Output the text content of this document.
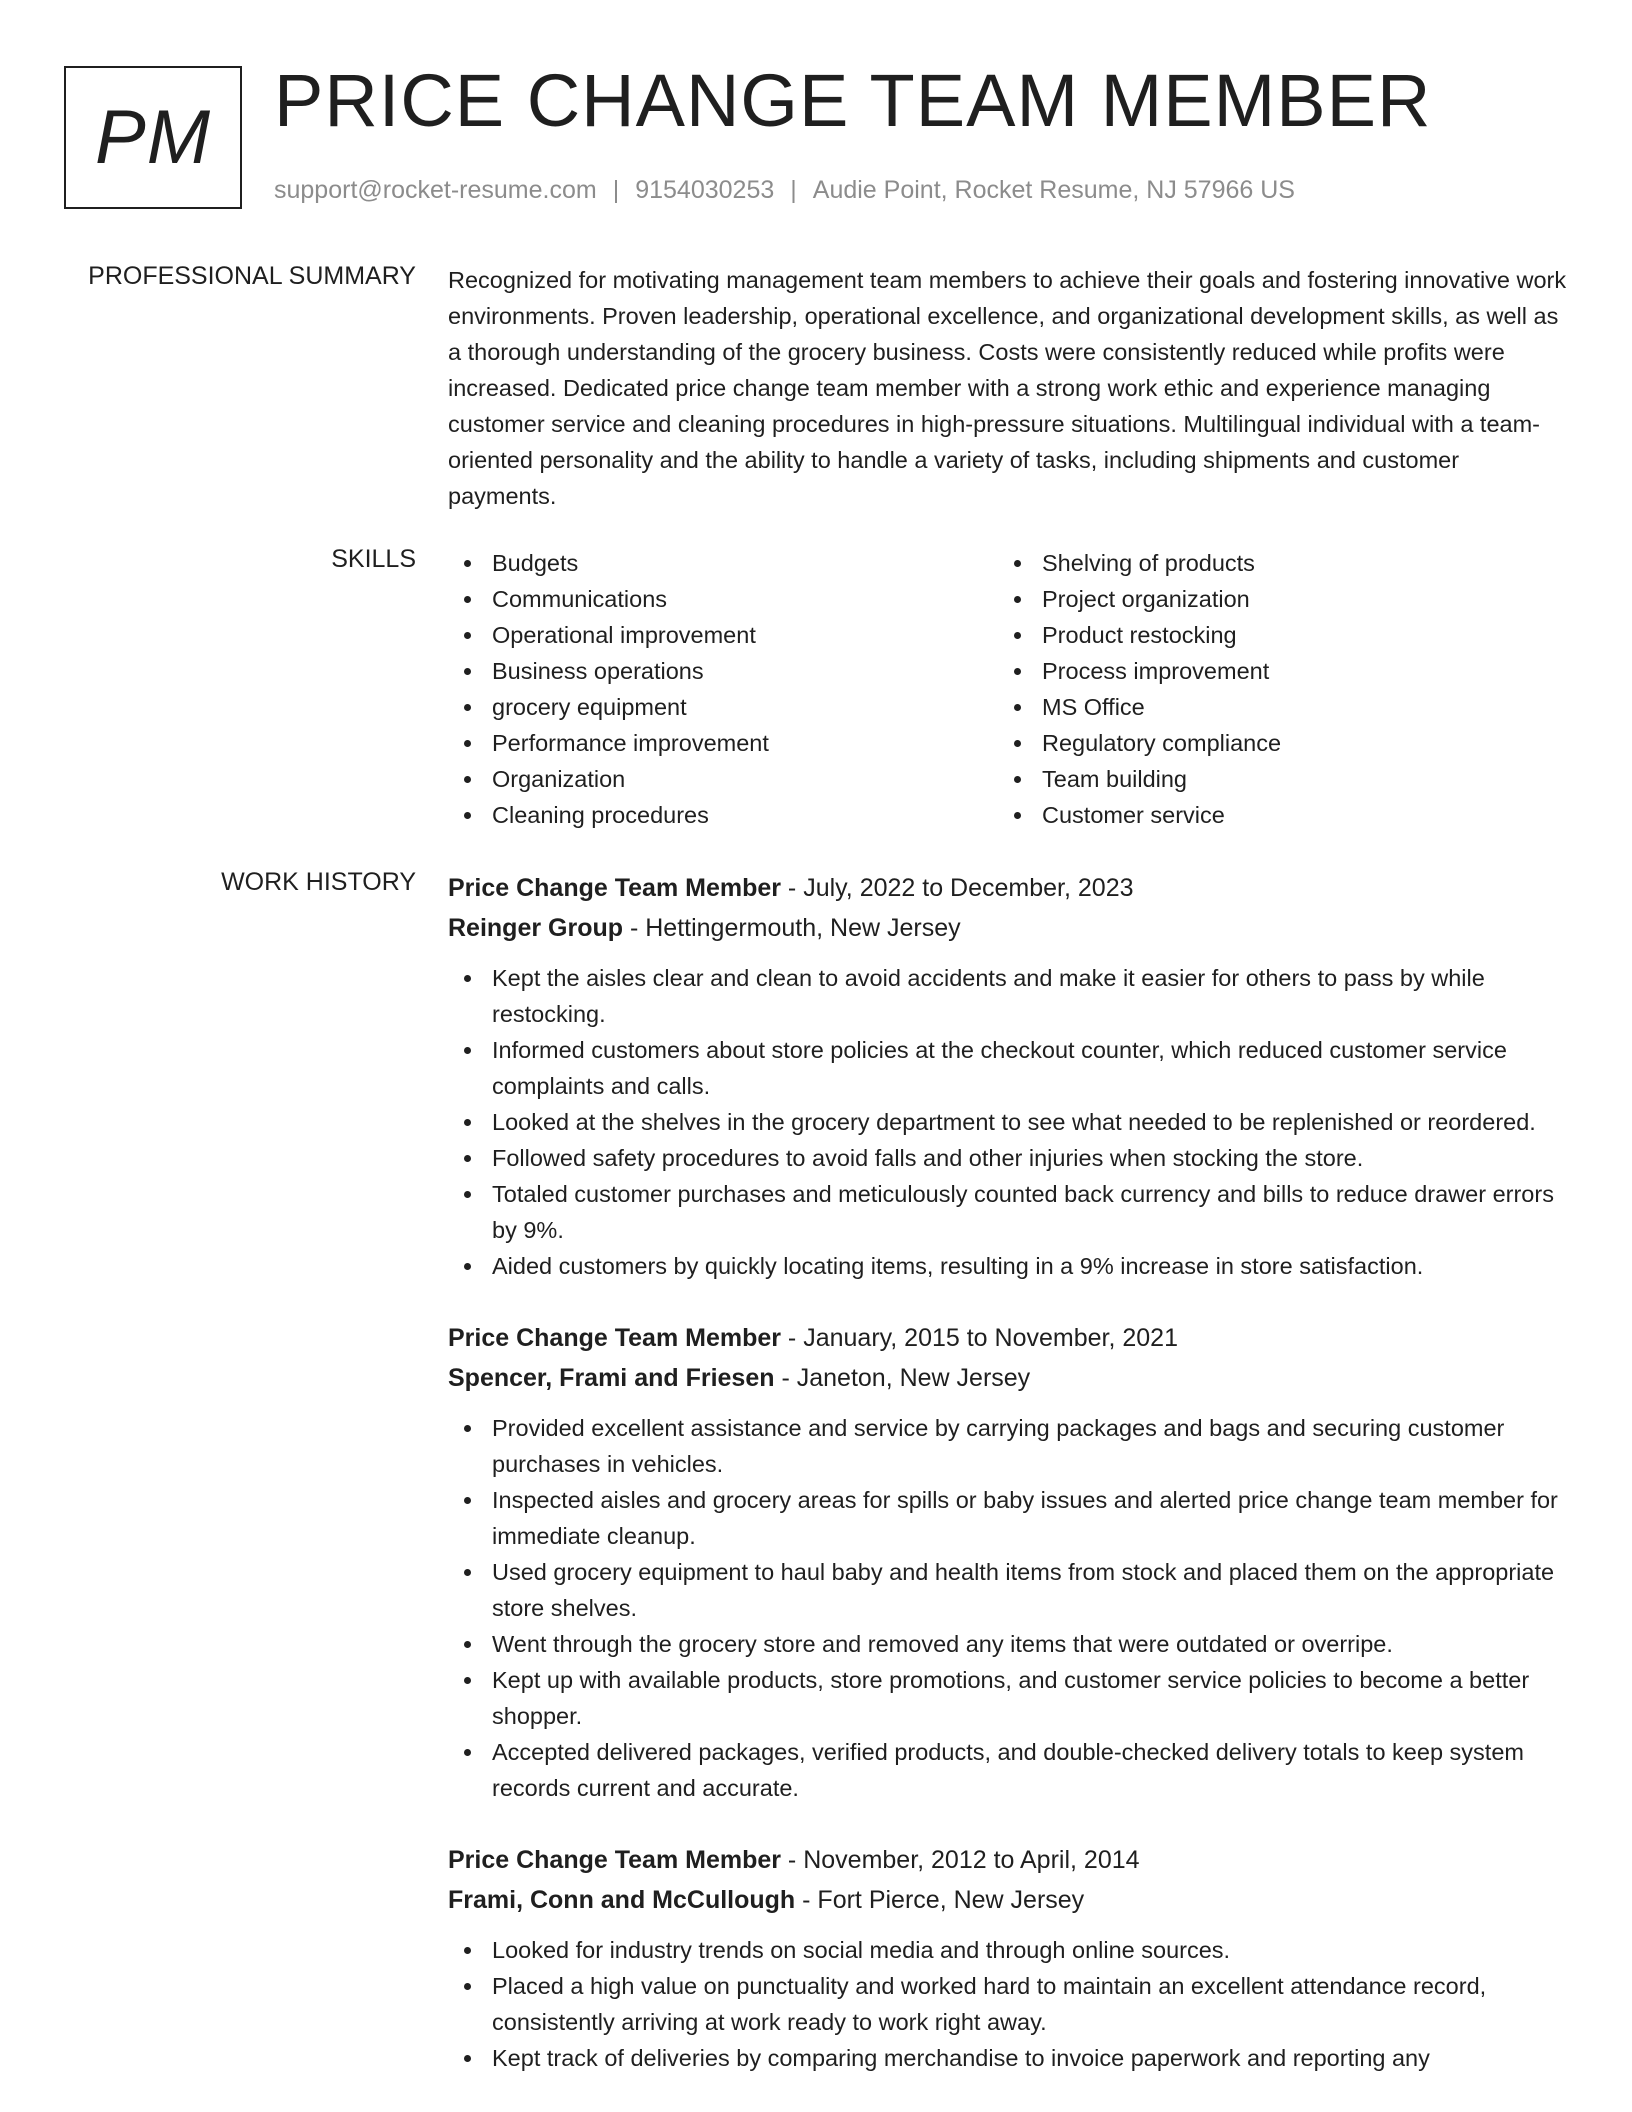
PM PRICE CHANGE TEAM MEMBER
support@rocket-resume.com | 9154030253 | Audie Point, Rocket Resume, NJ 57966 US
PROFESSIONAL SUMMARY Recognized for motivating management team members to achieve their goals and fostering innovative work environments. Proven leadership, operational excellence, and organizational development skills, as well as a thorough understanding of the grocery business. Costs were consistently reduced while profits were increased. Dedicated price change team member with a strong work ethic and experience managing customer service and cleaning procedures in high-pressure situations. Multilingual individual with a team-oriented personality and the ability to handle a variety of tasks, including shipments and customer payments.
SKILLS	Budgets
Communications
Operational improvement
Business operations
grocery equipment
Performance improvement
Organization
Cleaning procedures
Shelving of products
Project organization
Product restocking
Process improvement
MS Office
Regulatory compliance
Team building
Customer service
WORK HISTORY Price Change Team Member - July, 2022 to December, 2023
Reinger Group - Hettingermouth, New Jersey
Kept the aisles clear and clean to avoid accidents and make it easier for others to pass by while restocking.
Informed customers about store policies at the checkout counter, which reduced customer service complaints and calls.
Looked at the shelves in the grocery department to see what needed to be replenished or reordered.
Followed safety procedures to avoid falls and other injuries when stocking the store.
Totaled customer purchases and meticulously counted back currency and bills to reduce drawer errors by 9%.
Aided customers by quickly locating items, resulting in a 9% increase in store satisfaction.
Price Change Team Member - January, 2015 to November, 2021
Spencer, Frami and Friesen - Janeton, New Jersey
Provided excellent assistance and service by carrying packages and bags and securing customer purchases in vehicles.
Inspected aisles and grocery areas for spills or baby issues and alerted price change team member for immediate cleanup.
Used grocery equipment to haul baby and health items from stock and placed them on the appropriate store shelves.
Went through the grocery store and removed any items that were outdated or overripe.
Kept up with available products, store promotions, and customer service policies to become a better shopper.
Accepted delivered packages, verified products, and double-checked delivery totals to keep system records current and accurate.
Price Change Team Member - November, 2012 to April, 2014
Frami, Conn and McCullough - Fort Pierce, New Jersey
Looked for industry trends on social media and through online sources.
Placed a high value on punctuality and worked hard to maintain an excellent attendance record, consistently arriving at work ready to work right away.
Kept track of deliveries by comparing merchandise to invoice paperwork and reporting any
